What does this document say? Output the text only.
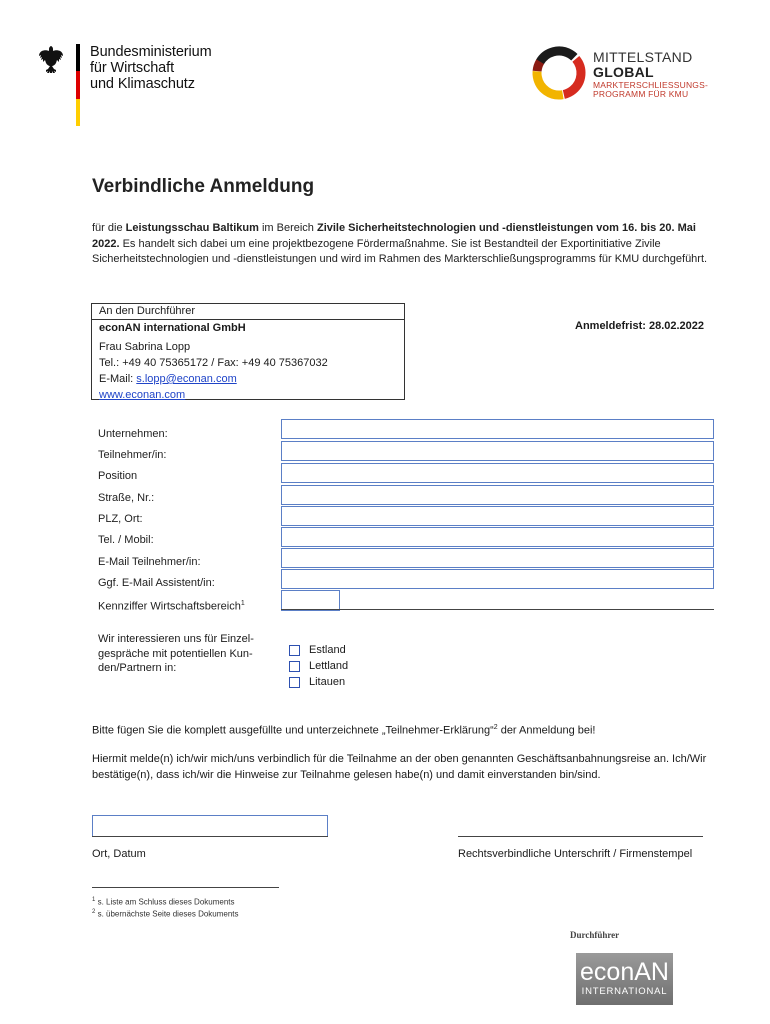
Bundesministerium
für Wirtschaft
und Klimaschutz
MITTELSTAND
GLOBAL
MARKTERSCHLIESSUNGS-
PROGRAMM FÜR KMU
Verbindliche Anmeldung
für die Leistungsschau Baltikum im Bereich Zivile Sicherheitstechnologien und -dienstleistungen vom 16. bis 20. Mai 2022. Es handelt sich dabei um eine projektbezogene Fördermaßnahme. Sie ist Bestandteil der Exportinitiative Zivile Sicherheitstechnologien und -dienstleistungen und wird im Rahmen des Markterschließungsprogramms für KMU durchgeführt.
An den Durchführer
econAN international GmbH
Frau Sabrina Lopp
Tel.: +49 40 75365172 / Fax: +49 40 75367032
E-Mail: s.lopp@econan.com
www.econan.com
Anmeldefrist: 28.02.2022
Unternehmen:
Teilnehmer/in:
Position
Straße, Nr.:
PLZ, Ort:
Tel. / Mobil:
E-Mail Teilnehmer/in:
Ggf. E-Mail Assistent/in:
Kennziffer Wirtschaftsbereich$^1$
Wir interessieren uns für Einzel-gespräche mit potentiellen Kun-den/Partnern in:
Estland
Lettland
Litauen
Bitte fügen Sie die komplett ausgefüllte und unterzeichnete „Teilnehmer-Erklärung“$^2$ der Anmeldung bei!
Hiermit melde(n) ich/wir mich/uns verbindlich für die Teilnahme an der oben genannten Geschäftsanbahnungsreise an. Ich/Wir bestätige(n), dass ich/wir die Hinweise zur Teilnahme gelesen habe(n) und damit einverstanden bin/sind.
Ort, Datum	Rechtsverbindliche Unterschrift / Firmenstempel
$^1$ s. Liste am Schluss dieses Dokuments
$^2$ s. übernächste Seite dieses Dokuments
Durchführer
econAN
INTERNATIONAL
